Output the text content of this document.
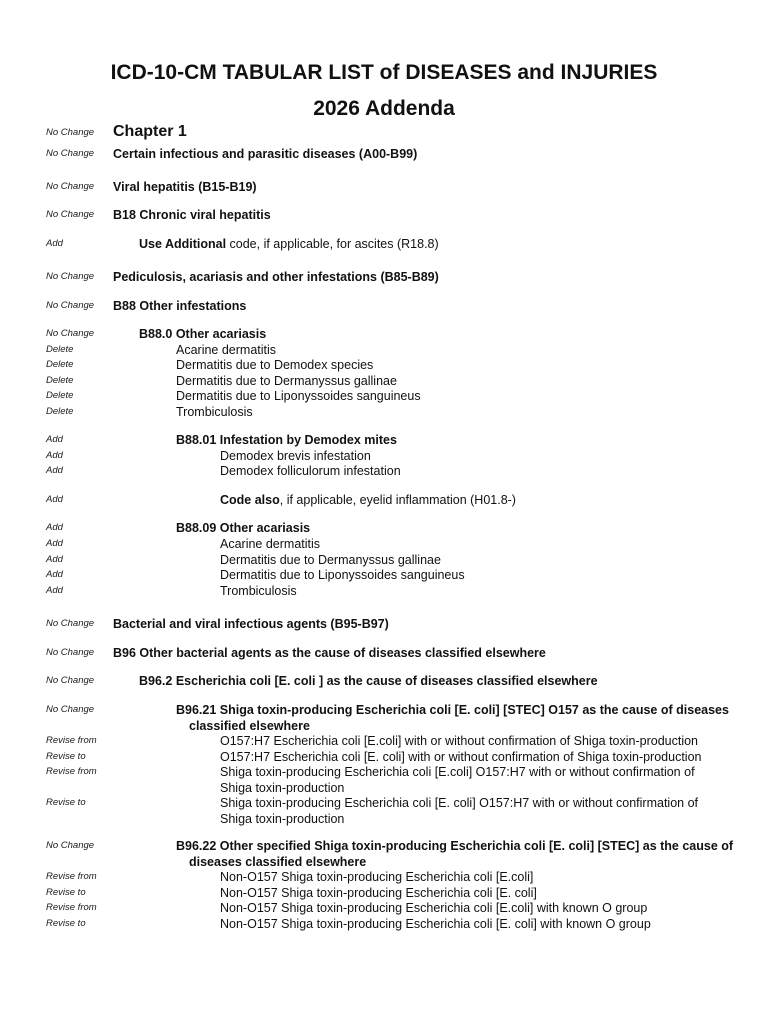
ICD-10-CM TABULAR LIST of DISEASES and INJURIES
2026 Addenda
No Change Chapter 1
No Change Certain infectious and parasitic diseases (A00-B99)
No Change Viral hepatitis (B15-B19)
No Change B18 Chronic viral hepatitis
Add	Use Additional code, if applicable, for ascites (R18.8)
No Change Pediculosis, acariasis and other infestations (B85-B89)
No Change B88 Other infestations
No Change	B88.0 Other acariasis
Delete	Acarine dermatitis
Delete	Dermatitis due to Demodex species
Delete	Dermatitis due to Dermanyssus gallinae
Delete	Dermatitis due to Liponyssoides sanguineus
Delete	Trombiculosis
Add	B88.01 Infestation by Demodex mites
Add	Demodex brevis infestation
Add	Demodex folliculorum infestation
Add	Code also, if applicable, eyelid inflammation (H01.8-)
Add	B88.09 Other acariasis
Add	Acarine dermatitis
Add	Dermatitis due to Dermanyssus gallinae
Add	Dermatitis due to Liponyssoides sanguineus
Add	Trombiculosis
No Change Bacterial and viral infectious agents (B95-B97)
No Change B96 Other bacterial agents as the cause of diseases classified elsewhere
No Change	B96.2 Escherichia coli [E. coli ] as the cause of diseases classified elsewhere
No Change	B96.21 Shiga toxin-producing Escherichia coli [E. coli] [STEC] O157 as the cause of diseases classified elsewhere
Revise from	O157:H7 Escherichia coli [E.coli] with or without confirmation of Shiga toxin-production
Revise to	O157:H7 Escherichia coli [E. coli] with or without confirmation of Shiga toxin-production
Revise from	Shiga toxin-producing Escherichia coli [E.coli] O157:H7 with or without confirmation of Shiga toxin-production
Revise to	Shiga toxin-producing Escherichia coli [E. coli] O157:H7 with or without confirmation of Shiga toxin-production
No Change	B96.22 Other specified Shiga toxin-producing Escherichia coli [E. coli] [STEC] as the cause of diseases classified elsewhere
Revise from	Non-O157 Shiga toxin-producing Escherichia coli [E.coli]
Revise to	Non-O157 Shiga toxin-producing Escherichia coli [E. coli]
Revise from	Non-O157 Shiga toxin-producing Escherichia coli [E.coli] with known O group
Revise to	Non-O157 Shiga toxin-producing Escherichia coli [E. coli] with known O group
